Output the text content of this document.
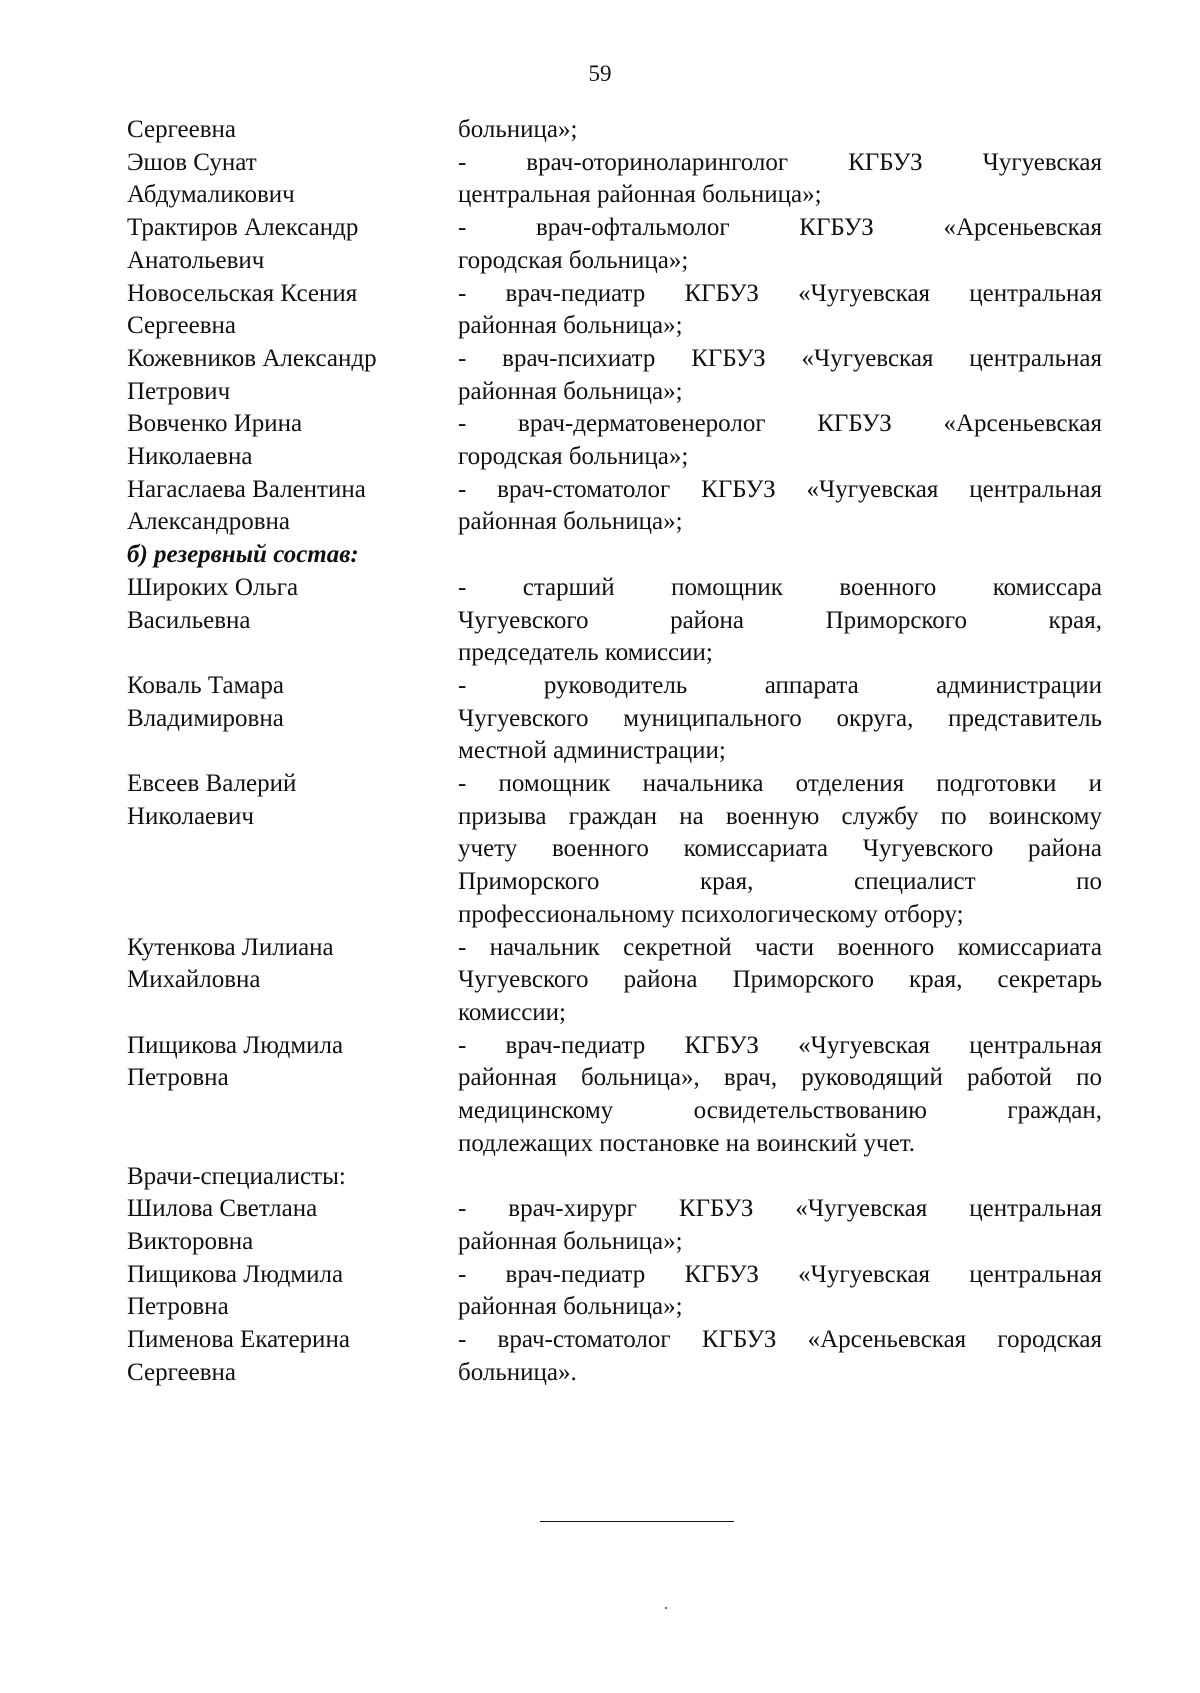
59
Сергеевна	больница»;
Эшов Сунат
Абдумаликович
- врач-оториноларинголог КГБУЗ Чугуевская
центральная районная больница»;
Трактиров Александр
Анатольевич
- врач-офтальмолог КГБУЗ «Арсеньевская
городская больница»;
Новосельская Ксения
Сергеевна
- врач-педиатр КГБУЗ «Чугуевская центральная
районная больница»;
Кожевников Александр
Петрович
- врач-психиатр КГБУЗ «Чугуевская центральная
районная больница»;
Вовченко Ирина
Николаевна
- врач-дерматовенеролог КГБУЗ «Арсеньевская
городская больница»;
Нагаслаева Валентина
Александровна
- врач-стоматолог КГБУЗ «Чугуевская центральная
районная больница»;
б) резервный состав:
Широких Ольга
Васильевна
- старший помощник военного комиссара
Чугуевского района Приморского края,
председатель комиссии;
Коваль Тамара
Владимировна
- руководитель аппарата администрации
Чугуевского муниципального округа, представитель
местной администрации;
Евсеев Валерий
Николаевич
- помощник начальника отделения подготовки и
призыва граждан на военную службу по воинскому
учету военного комиссариата Чугуевского района
Приморского края, специалист по
профессиональному психологическому отбору;
Кутенкова Лилиана
Михайловна
- начальник секретной части военного комиссариата
Чугуевского района Приморского края, секретарь
комиссии;
Пищикова Людмила
Петровна
- врач-педиатр КГБУЗ «Чугуевская центральная
районная больница», врач, руководящий работой по
медицинскому освидетельствованию граждан,
подлежащих постановке на воинский учет.
Врачи-специалисты:
Шилова Светлана
Викторовна
- врач-хирург КГБУЗ «Чугуевская центральная
районная больница»;
Пищикова Людмила
Петровна
- врач-педиатр КГБУЗ «Чугуевская центральная
районная больница»;
Пименова Екатерина
Сергеевна
- врач-стоматолог КГБУЗ «Арсеньевская городская
больница».
